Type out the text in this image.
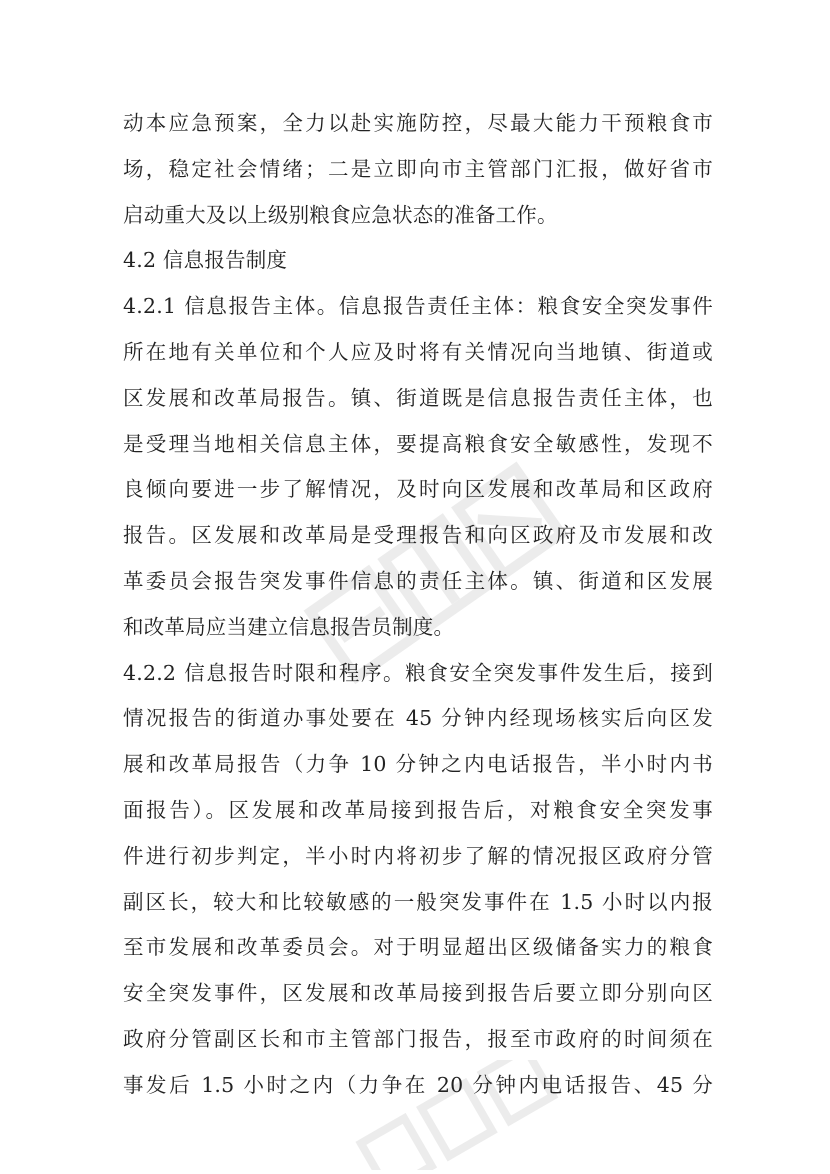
动本应急预案，全力以赴实施防控，尽最大能力干预粮食市
场，稳定社会情绪；二是立即向市主管部门汇报，做好省市
启动重大及以上级别粮食应急状态的准备工作。
4.2 信息报告制度
4.2.1 信息报告主体。信息报告责任主体：粮食安全突发事件
所在地有关单位和个人应及时将有关情况向当地镇、街道或
区发展和改革局报告。镇、街道既是信息报告责任主体，也
是受理当地相关信息主体，要提高粮食安全敏感性，发现不
良倾向要进一步了解情况，及时向区发展和改革局和区政府
报告。区发展和改革局是受理报告和向区政府及市发展和改
革委员会报告突发事件信息的责任主体。镇、街道和区发展
和改革局应当建立信息报告员制度。
4.2.2 信息报告时限和程序。粮食安全突发事件发生后，接到
情况报告的街道办事处要在 45 分钟内经现场核实后向区发
展和改革局报告（力争 10 分钟之内电话报告，半小时内书
面报告）。区发展和改革局接到报告后，对粮食安全突发事
件进行初步判定，半小时内将初步了解的情况报区政府分管
副区长，较大和比较敏感的一般突发事件在 1.5 小时以内报
至市发展和改革委员会。对于明显超出区级储备实力的粮食
安全突发事件，区发展和改革局接到报告后要立即分别向区
政府分管副区长和市主管部门报告，报至市政府的时间须在
事发后 1.5 小时之内（力争在 20 分钟内电话报告、45 分
